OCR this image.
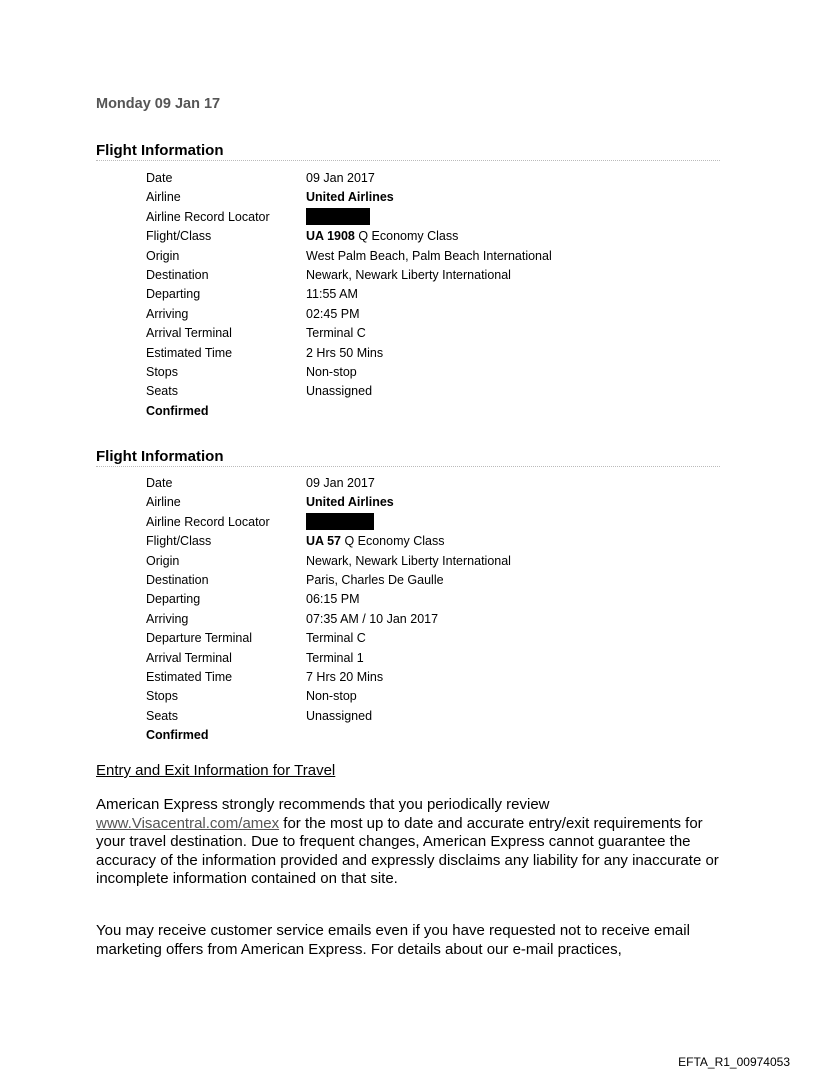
Monday 09 Jan 17
Flight Information
Date	09 Jan 2017
Airline	United Airlines
Airline Record Locator
Flight/Class	UA 1908 Q Economy Class
Origin	West Palm Beach, Palm Beach International
Destination	Newark, Newark Liberty International
Departing	11:55 AM
Arriving	02:45 PM
Arrival Terminal	Terminal C
Estimated Time	2 Hrs 50 Mins
Stops	Non-stop
Seats	Unassigned
Confirmed
Flight Information
Date	09 Jan 2017
Airline	United Airlines
Airline Record Locator
Flight/Class	UA 57 Q Economy Class
Origin	Newark, Newark Liberty International
Destination	Paris, Charles De Gaulle
Departing	06:15 PM
Arriving	07:35 AM / 10 Jan 2017
Departure Terminal	Terminal C
Arrival Terminal	Terminal 1
Estimated Time	7 Hrs 20 Mins
Stops	Non-stop
Seats	Unassigned
Confirmed
Entry and Exit Information for Travel
American Express strongly recommends that you periodically review
www.Visacentral.com/amex for the most up to date and accurate entry/exit requirements for your travel destination. Due to frequent changes, American Express cannot guarantee the accuracy of the information provided and expressly disclaims any liability for any inaccurate or incomplete information contained on that site.
You may receive customer service emails even if you have requested not to receive email marketing offers from American Express. For details about our e-mail practices,
EFTA_R1_00974053
